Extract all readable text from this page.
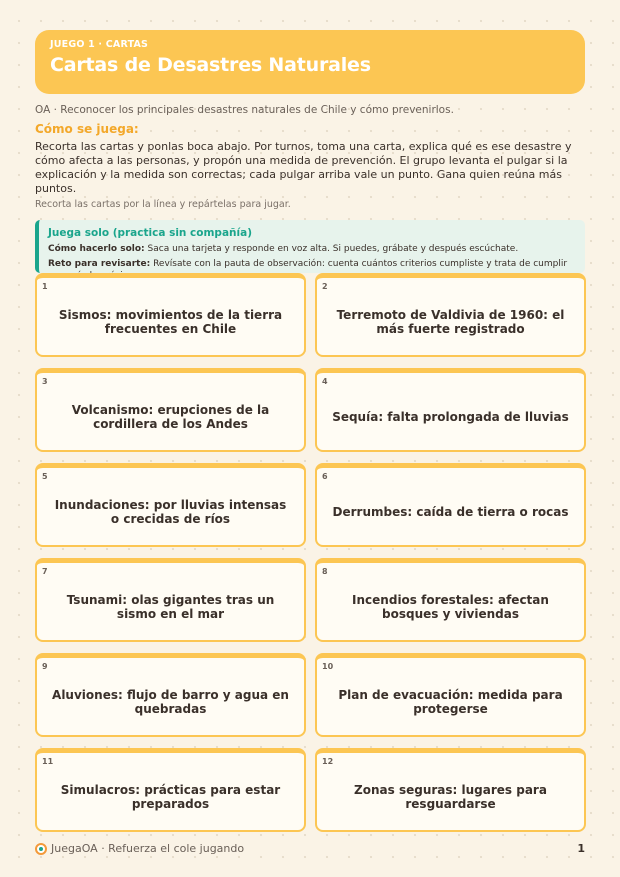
JUEGO 1 · CARTAS
Cartas de Desastres Naturales
OA · Reconocer los principales desastres naturales de Chile y cómo prevenirlos.
Cómo se juega:
Recorta las cartas y ponlas boca abajo. Por turnos, toma una carta, explica qué es ese desastre y cómo afecta a las personas, y propón una medida de prevención. El grupo levanta el pulgar si la explicación y la medida son correctas; cada pulgar arriba vale un punto. Gana quien reúna más puntos.
Recorta las cartas por la línea y repártelas para jugar.
Juega solo (practica sin compañía)
Cómo hacerlo solo: Saca una tarjeta y responde en voz alta. Si puedes, grábate y después escúchate.
Reto para revisarte: Revísate con la pauta de observación: cuenta cuántos criterios cumpliste y trata de cumplir
1
Sismos: movimientos de la tierra frecuentes en Chile
2
Terremoto de Valdivia de 1960: el más fuerte registrado
3
Volcanismo: erupciones de la cordillera de los Andes
4
Sequía: falta prolongada de lluvias
5
Inundaciones: por lluvias intensas o crecidas de ríos
6
Derrumbes: caída de tierra o rocas
7
Tsunami: olas gigantes tras un sismo en el mar
8
Incendios forestales: afectan bosques y viviendas
9
Aluviones: flujo de barro y agua en quebradas
10
Plan de evacuación: medida para protegerse
11
Simulacros: prácticas para estar preparados
12
Zonas seguras: lugares para resguardarse
JuegaOA · Refuerza el cole jugando	1
